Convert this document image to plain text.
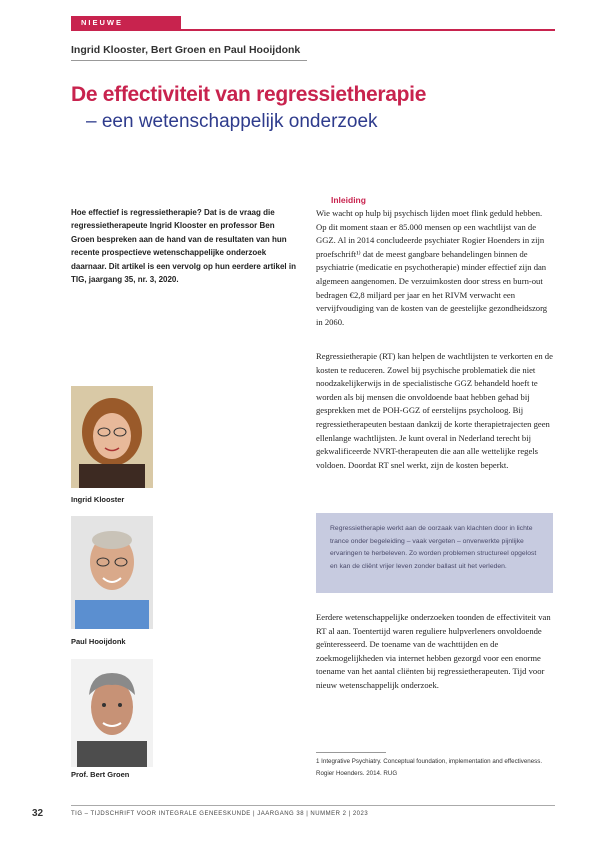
NIEUWE STROMING
Ingrid Klooster, Bert Groen en Paul Hooijdonk
De effectiviteit van regressietherapie
– een wetenschappelijk onderzoek
Hoe effectief is regressietherapie? Dat is de vraag die regressietherapeute Ingrid Klooster en professor Ben Groen bespreken aan de hand van de resultaten van hun recente prospectieve wetenschappelijke onderzoek daarnaar. Dit artikel is een vervolg op hun eerdere artikel in TIG, jaargang 35, nr. 3, 2020.
Ingrid Klooster
Paul Hooijdonk
Prof. Bert Groen
Inleiding
Wie wacht op hulp bij psychisch lijden moet flink geduld hebben. Op dit moment staan er 85.000 mensen op een wachtlijst van de GGZ. Al in 2014 concludeerde psychiater Rogier Hoenders in zijn proefschrift¹⁾ dat de meest gangbare behandelingen binnen de psychiatrie (medicatie en psychotherapie) minder effectief zijn dan algemeen aangenomen. De verzuimkosten door stress en burn-out bedragen €2,8 miljard per jaar en het RIVM verwacht een vervijfvoudiging van de kosten van de geestelijke gezondheidszorg in 2060.
Regressietherapie (RT) kan helpen de wachtlijsten te verkorten en de kosten te reduceren. Zowel bij psychische problematiek die niet noodzakelijkerwijs in de specialistische GGZ behandeld hoeft te worden als bij mensen die onvoldoende baat hebben gehad bij gesprekken met de POH-GGZ of eerstelijns psycholoog. Bij regressietherapeuten bestaan dankzij de korte therapietrajecten geen ellenlange wachtlijsten. Je kunt overal in Nederland terecht bij gekwalificeerde NVRT-therapeuten die aan alle wettelijke regels voldoen. Doordat RT snel werkt, zijn de kosten beperkt.
Regressietherapie werkt aan de oorzaak van klachten door in lichte trance onder begeleiding – vaak vergeten – onverwerkte pijnlijke ervaringen te herbeleven. Zo worden problemen structureel opgelost en kan de cliënt vrijer leven zonder ballast uit het verleden.
Eerdere wetenschappelijke onderzoeken toonden de effectiviteit van RT al aan. Toentertijd waren reguliere hulpverleners onvoldoende geïnteresseerd. De toename van de wachttijden en de zoekmogelijkheden via internet hebben gezorgd voor een enorme toename van het aantal cliënten bij regressietherapeuten. Tijd voor nieuw wetenschappelijk onderzoek.
1 Integrative Psychiatry. Conceptual foundation, implementation and effectiveness. Rogier Hoenders. 2014. RUG
32	TIG – TIJDSCHRIFT VOOR INTEGRALE GENEESKUNDE | JAARGANG 38 | NUMMER 2 | 2023
